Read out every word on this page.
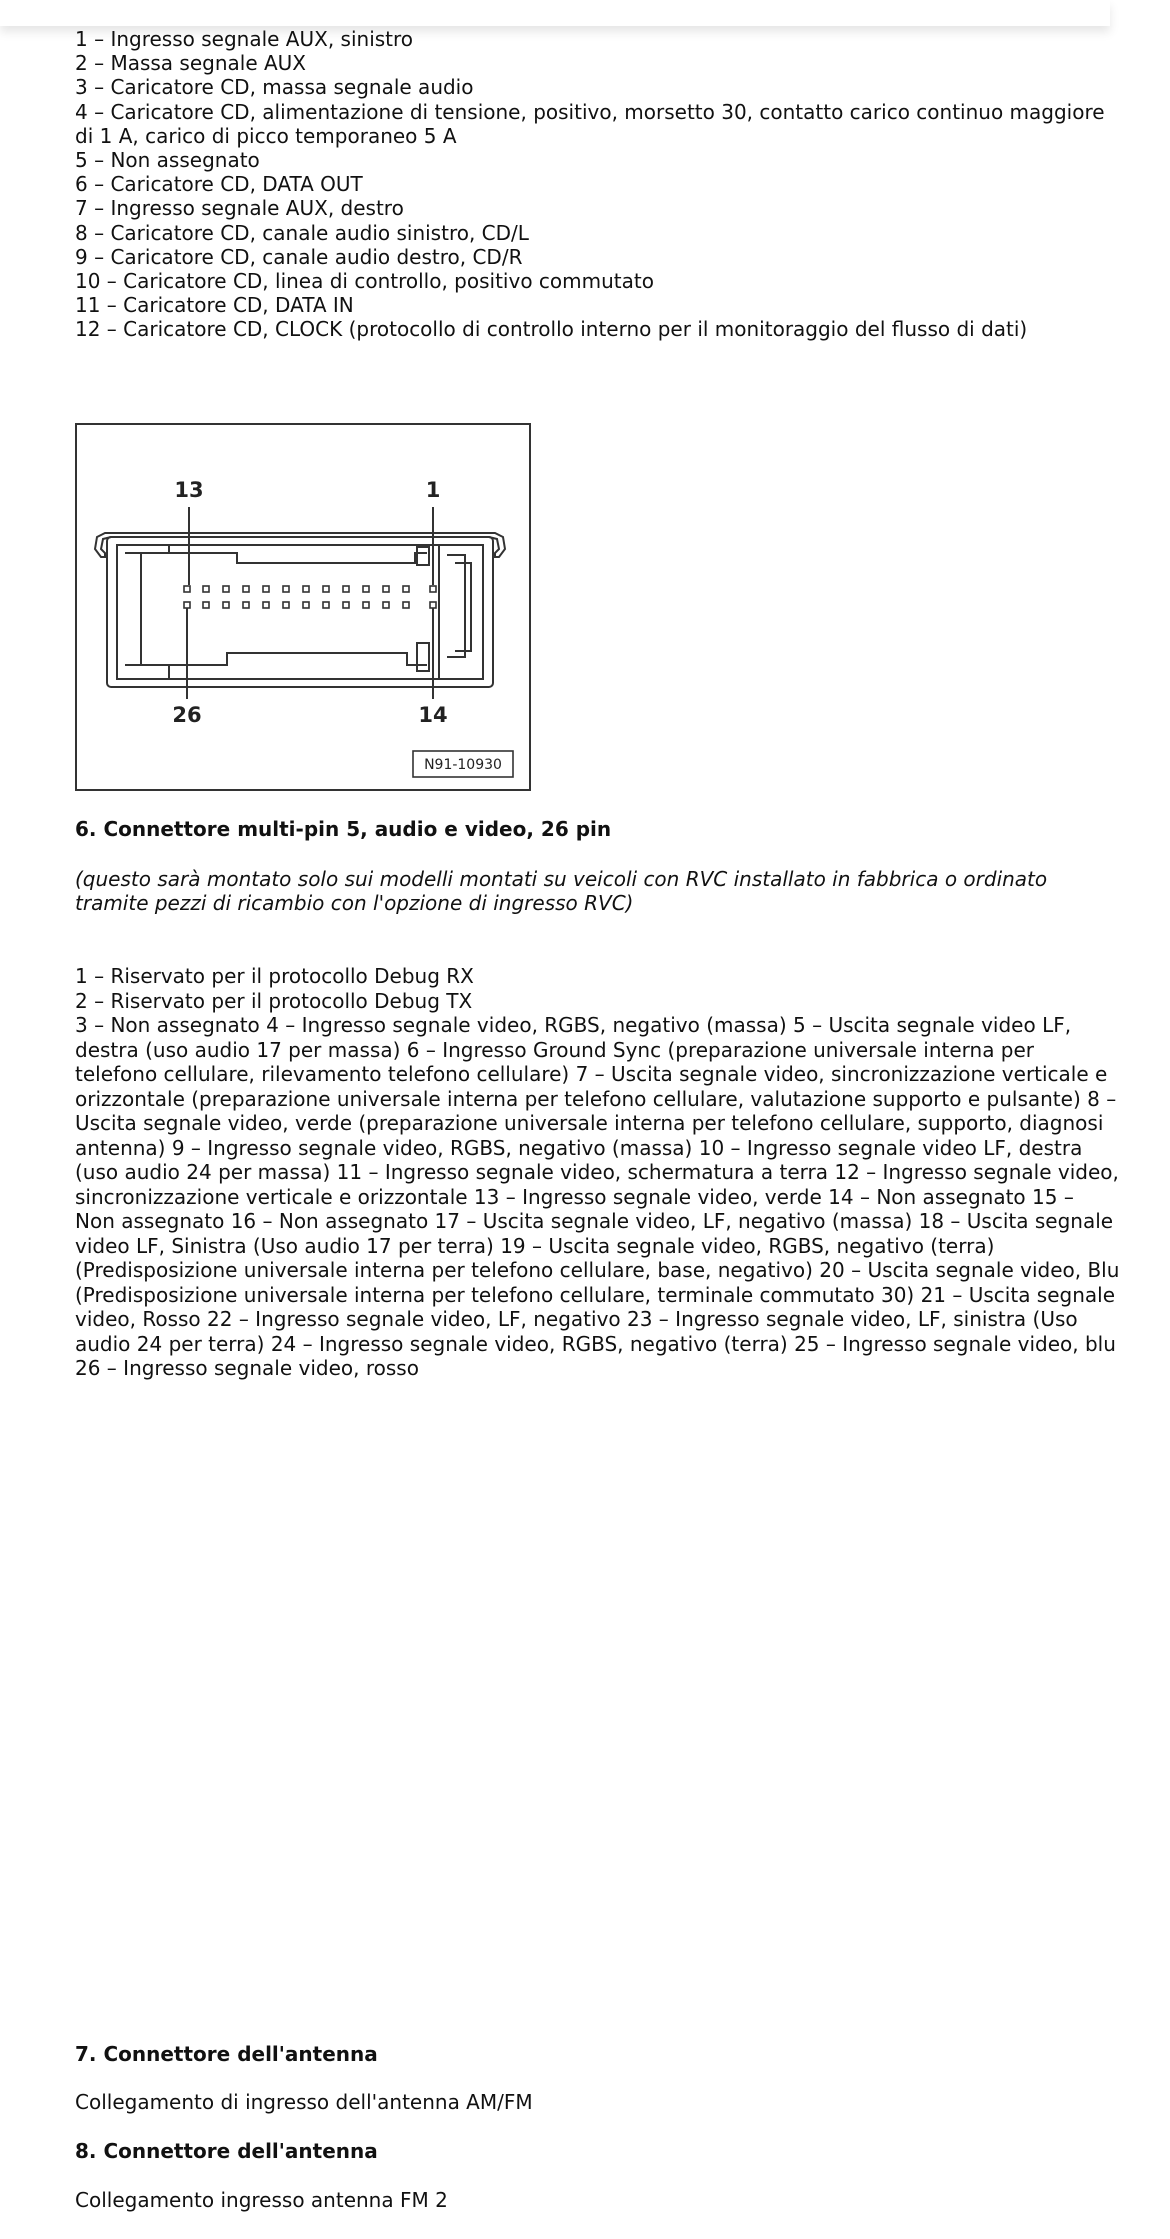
1 – Ingresso segnale AUX, sinistro
2 – Massa segnale AUX
3 – Caricatore CD, massa segnale audio
4 – Caricatore CD, alimentazione di tensione, positivo, morsetto 30, contatto carico continuo maggiore di 1 A, carico di picco temporaneo 5 A
5 – Non assegnato
6 – Caricatore CD, DATA OUT
7 – Ingresso segnale AUX, destro
8 – Caricatore CD, canale audio sinistro, CD/L
9 – Caricatore CD, canale audio destro, CD/R
10 – Caricatore CD, linea di controllo, positivo commutato
11 – Caricatore CD, DATA IN
12 – Caricatore CD, CLOCK (protocollo di controllo interno per il monitoraggio del flusso di dati)
13	1
26	14
N91-10930
6. Connettore multi-pin 5, audio e video, 26 pin
(questo sarà montato solo sui modelli montati su veicoli con RVC installato in fabbrica o ordinato tramite pezzi di ricambio con l'opzione di ingresso RVC)
1 – Riservato per il protocollo Debug RX
2 – Riservato per il protocollo Debug TX
3 – Non assegnato 4 – Ingresso segnale video, RGBS, negativo (massa) 5 – Uscita segnale video LF, destra (uso audio 17 per massa) 6 – Ingresso Ground Sync (preparazione universale interna per telefono cellulare, rilevamento telefono cellulare) 7 – Uscita segnale video, sincronizzazione verticale e orizzontale (preparazione universale interna per telefono cellulare, valutazione supporto e pulsante) 8 – Uscita segnale video, verde (preparazione universale interna per telefono cellulare, supporto, diagnosi antenna) 9 – Ingresso segnale video, RGBS, negativo (massa) 10 – Ingresso segnale video LF, destra (uso audio 24 per massa) 11 – Ingresso segnale video, schermatura a terra 12 – Ingresso segnale video, sincronizzazione verticale e orizzontale 13 – Ingresso segnale video, verde 14 – Non assegnato 15 – Non assegnato 16 – Non assegnato 17 – Uscita segnale video, LF, negativo (massa) 18 – Uscita segnale video LF, Sinistra (Uso audio 17 per terra) 19 – Uscita segnale video, RGBS, negativo (terra) (Predisposizione universale interna per telefono cellulare, base, negativo) 20 – Uscita segnale video, Blu (Predisposizione universale interna per telefono cellulare, terminale commutato 30) 21 – Uscita segnale video, Rosso 22 – Ingresso segnale video, LF, negativo 23 – Ingresso segnale video, LF, sinistra (Uso audio 24 per terra) 24 – Ingresso segnale video, RGBS, negativo (terra) 25 – Ingresso segnale video, blu 26 – Ingresso segnale video, rosso
7. Connettore dell'antenna
Collegamento di ingresso dell'antenna AM/FM
8. Connettore dell'antenna
Collegamento ingresso antenna FM 2
